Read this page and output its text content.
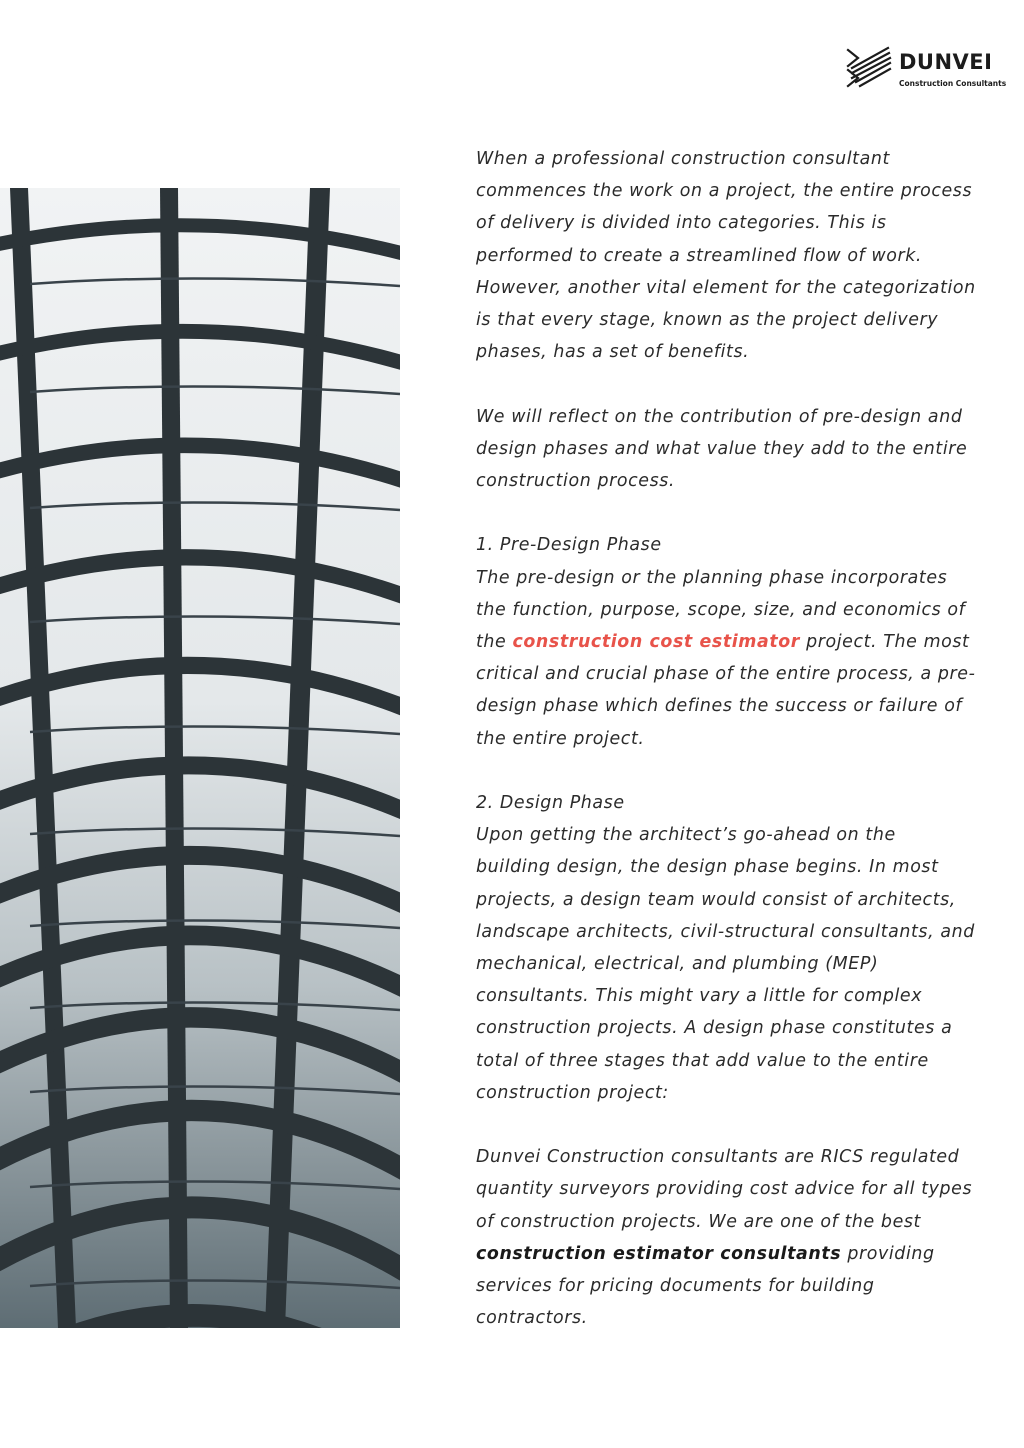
DUNVEI
Construction Consultants

When a professional construction consultant commences the work on a project, the entire process of delivery is divided into categories. This is performed to create a streamlined flow of work. However, another vital element for the categorization is that every stage, known as the project delivery phases, has a set of benefits.

We will reflect on the contribution of pre-design and design phases and what value they add to the entire construction process.

1. Pre-Design Phase

The pre-design or the planning phase incorporates the function, purpose, scope, size, and economics of the construction cost estimator project. The most critical and crucial phase of the entire process, a pre-design phase which defines the success or failure of the entire project.

2. Design Phase

Upon getting the architect’s go-ahead on the building design, the design phase begins. In most projects, a design team would consist of architects, landscape architects, civil-structural consultants, and mechanical, electrical, and plumbing (MEP) consultants. This might vary a little for complex construction projects. A design phase constitutes a total of three stages that add value to the entire construction project:

Dunvei Construction consultants are RICS regulated quantity surveyors providing cost advice for all types of construction projects. We are one of the best construction estimator consultants providing services for pricing documents for building contractors.
